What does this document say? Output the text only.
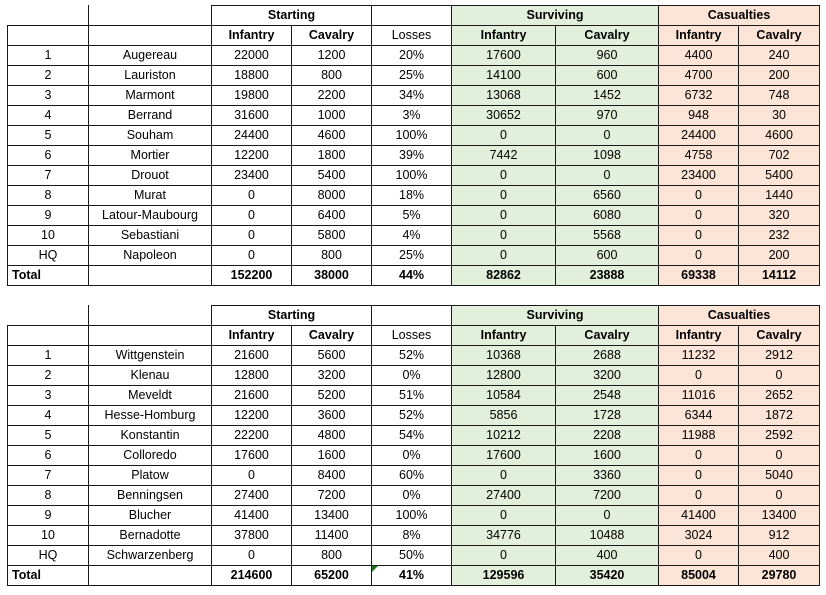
		Starting			Surviving		Casualties	
		Infantry	Cavalry	Losses	Infantry	Cavalry	Infantry	Cavalry
1	Augereau	22000	1200	20%	17600	960	4400	240
2	Lauriston	18800	800	25%	14100	600	4700	200
3	Marmont	19800	2200	34%	13068	1452	6732	748
4	Berrand	31600	1000	3%	30652	970	948	30
5	Souham	24400	4600	100%	0	0	24400	4600
6	Mortier	12200	1800	39%	7442	1098	4758	702
7	Drouot	23400	5400	100%	0	0	23400	5400
8	Murat	0	8000	18%	0	6560	0	1440
9	Latour-Maubourg	0	6400	5%	0	6080	0	320
10	Sebastiani	0	5800	4%	0	5568	0	232
HQ	Napoleon	0	800	25%	0	600	0	200
Total		152200	38000	44%	82862	23888	69338	14112
		Starting			Surviving		Casualties	
		Infantry	Cavalry	Losses	Infantry	Cavalry	Infantry	Cavalry
1	Wittgenstein	21600	5600	52%	10368	2688	11232	2912
2	Klenau	12800	3200	0%	12800	3200	0	0
3	Meveldt	21600	5200	51%	10584	2548	11016	2652
4	Hesse-Homburg	12200	3600	52%	5856	1728	6344	1872
5	Konstantin	22200	4800	54%	10212	2208	11988	2592
6	Colloredo	17600	1600	0%	17600	1600	0	0
7	Platow	0	8400	60%	0	3360	0	5040
8	Benningsen	27400	7200	0%	27400	7200	0	0
9	Blucher	41400	13400	100%	0	0	41400	13400
10	Bernadotte	37800	11400	8%	34776	10488	3024	912
HQ	Schwarzenberg	0	800	50%	0	400	0	400
Total		214600	65200	41%	129596	35420	85004	29780
